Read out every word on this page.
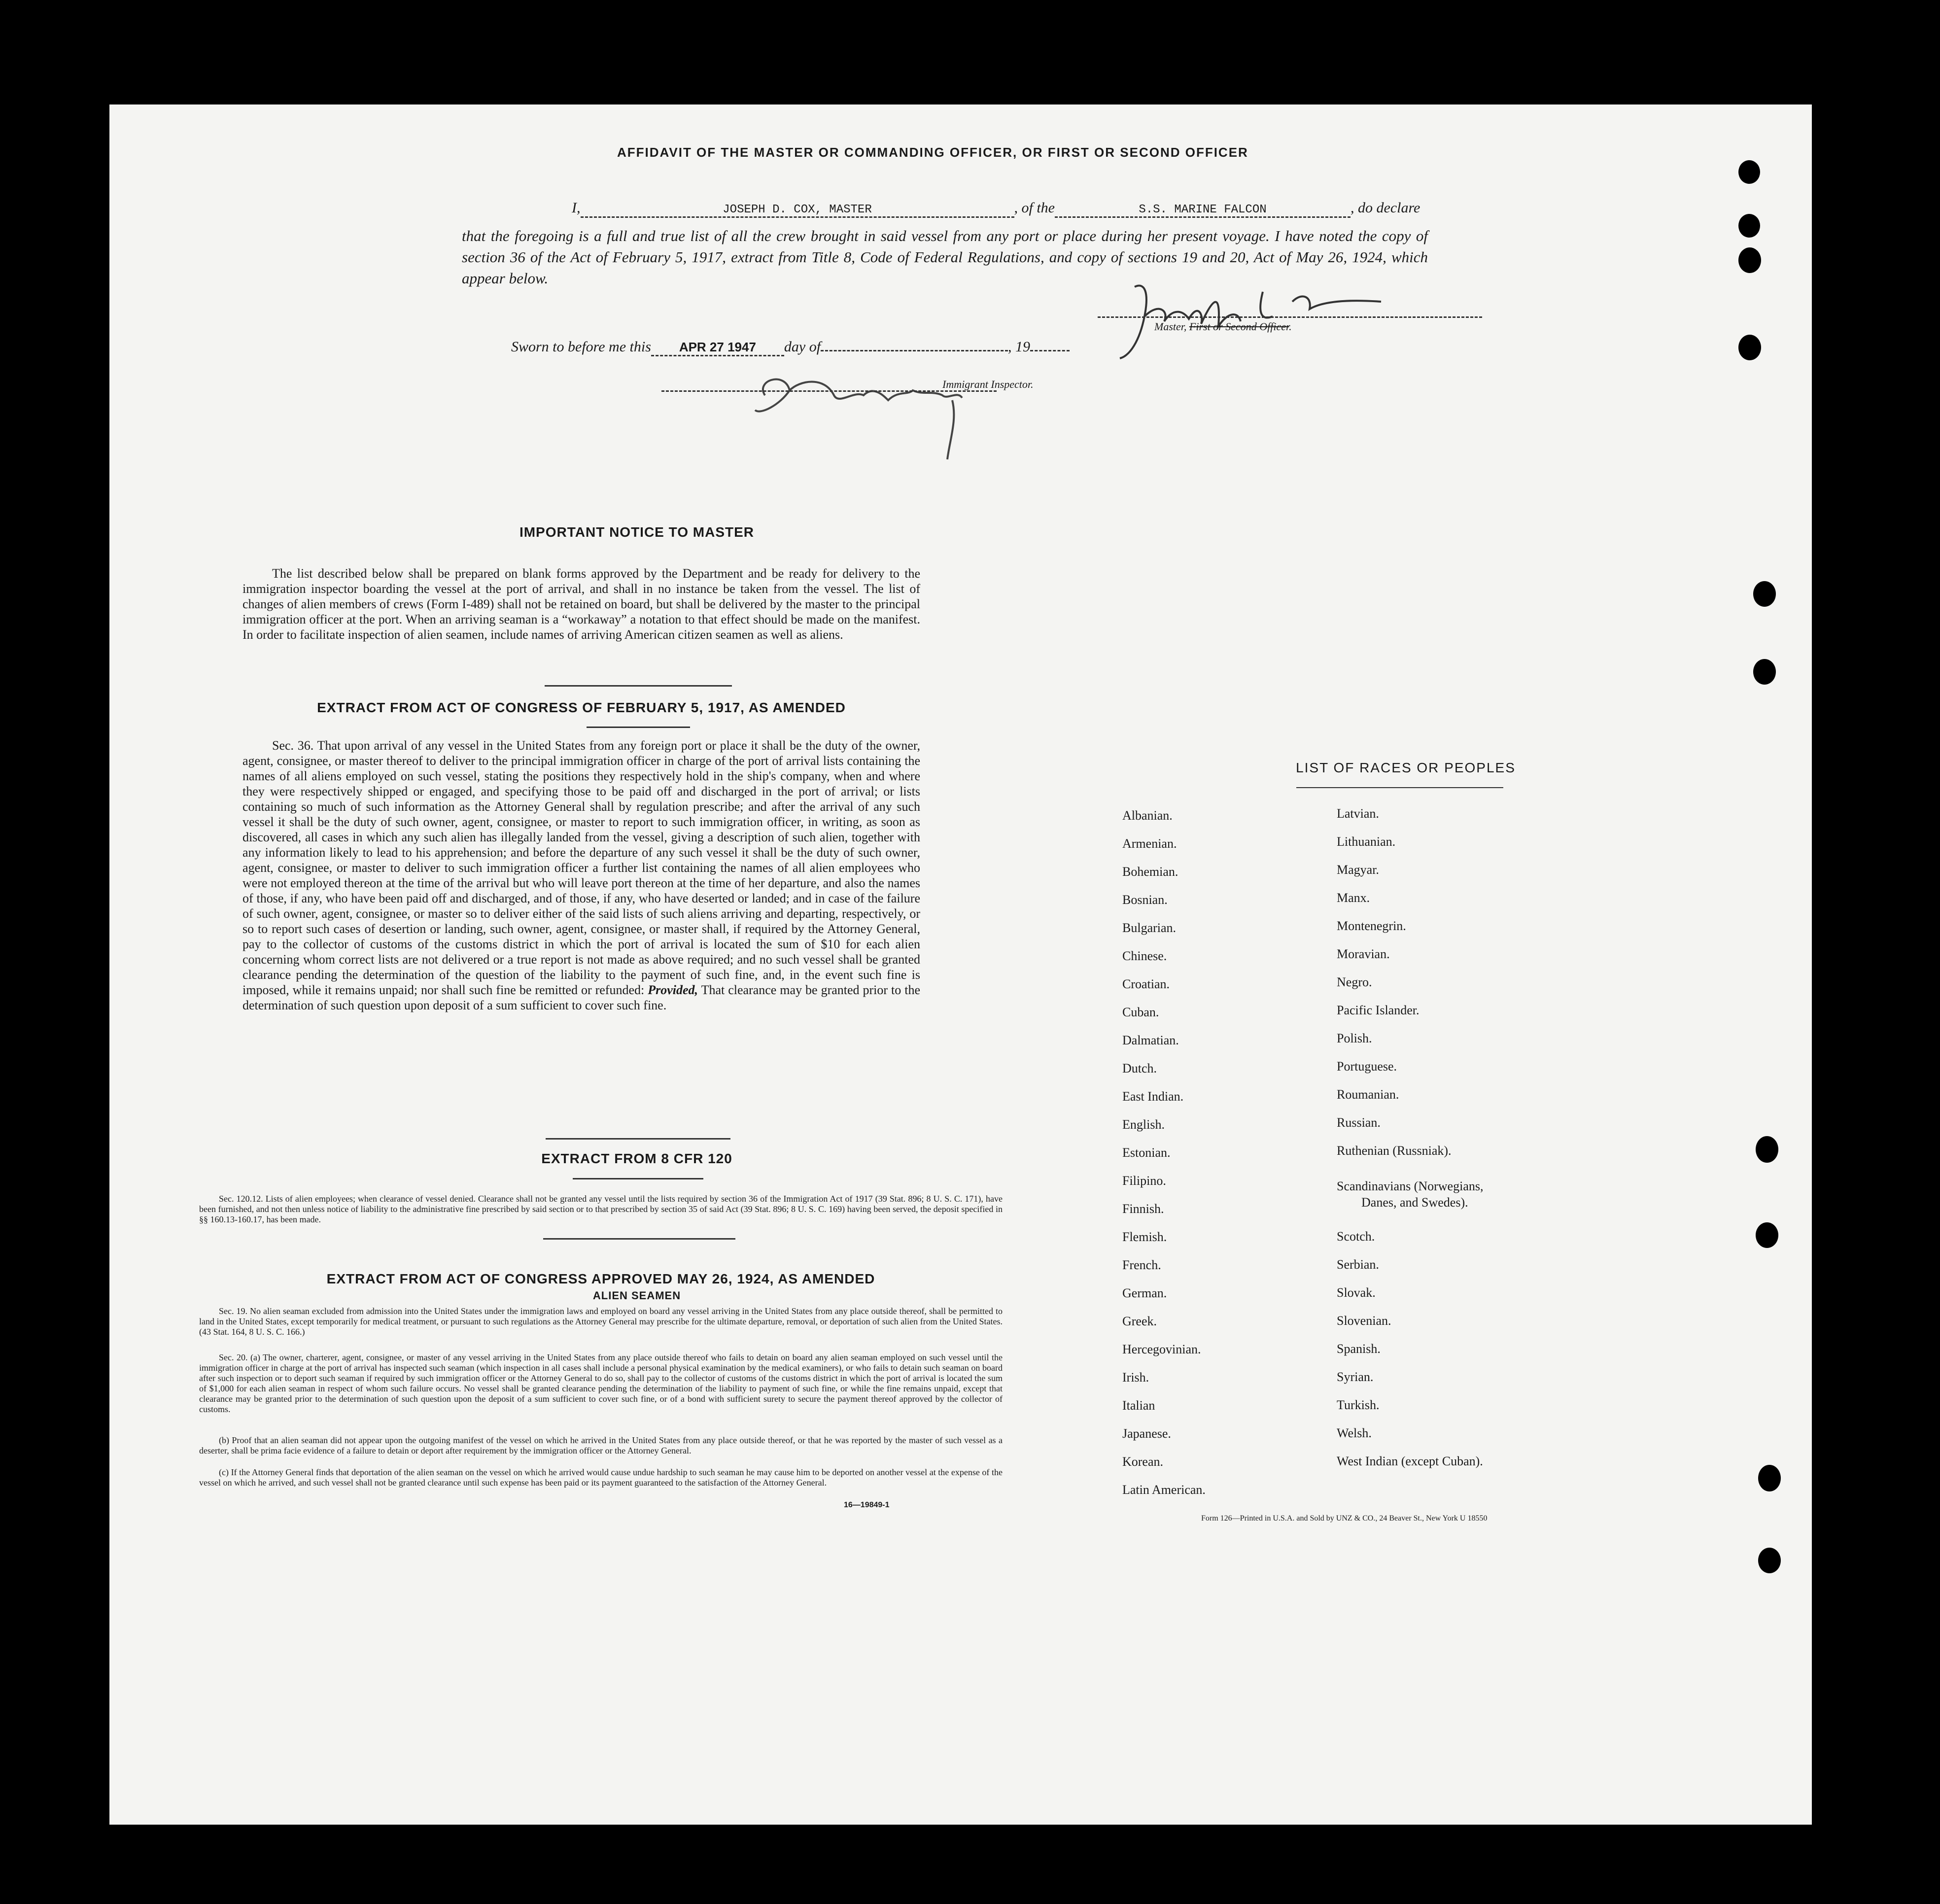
AFFIDAVIT OF THE MASTER OR COMMANDING OFFICER, OR FIRST OR SECOND OFFICER
I,	JOSEPH D. COX, MASTER	, of the	S.S. MARINE FALCON	, do declare
that the foregoing is a full and true list of all the crew brought in said vessel from any port or place during her present voyage. I have noted the copy of section 36 of the Act of February 5, 1917, extract from Title 8, Code of Federal Regulations, and copy of sections 19 and 20, Act of May 26, 1924, which appear below.
Master, First or Second Officer.
Sworn to before me this APR 27 1947 day of	, 19
Immigrant Inspector.
IMPORTANT NOTICE TO MASTER
The list described below shall be prepared on blank forms approved by the Department and be ready for delivery to the immigration inspector boarding the vessel at the port of arrival, and shall in no instance be taken from the vessel. The list of changes of alien members of crews (Form I-489) shall not be retained on board, but shall be delivered by the master to the principal immigration officer at the port. When an arriving seaman is a “workaway” a notation to that effect should be made on the manifest. In order to facilitate inspection of alien seamen, include names of arriving American citizen seamen as well as aliens.
EXTRACT FROM ACT OF CONGRESS OF FEBRUARY 5, 1917, AS AMENDED
Sec. 36. That upon arrival of any vessel in the United States from any foreign port or place it shall be the duty of the owner, agent, consignee, or master thereof to deliver to the principal immigration officer in charge of the port of arrival lists containing the names of all aliens employed on such vessel, stating the positions they respectively hold in the ship's company, when and where they were respectively shipped or engaged, and specifying those to be paid off and discharged in the port of arrival; or lists containing so much of such information as the Attorney General shall by regulation prescribe; and after the arrival of any such vessel it shall be the duty of such owner, agent, consignee, or master to report to such immigration officer, in writing, as soon as discovered, all cases in which any such alien has illegally landed from the vessel, giving a description of such alien, together with any information likely to lead to his apprehension; and before the departure of any such vessel it shall be the duty of such owner, agent, consignee, or master to deliver to such immigration officer a further list containing the names of all alien employees who were not employed thereon at the time of the arrival but who will leave port thereon at the time of her departure, and also the names of those, if any, who have been paid off and discharged, and of those, if any, who have deserted or landed; and in case of the failure of such owner, agent, consignee, or master so to deliver either of the said lists of such aliens arriving and departing, respectively, or so to report such cases of desertion or landing, such owner, agent, consignee, or master shall, if required by the Attorney General, pay to the collector of customs of the customs district in which the port of arrival is located the sum of $10 for each alien concerning whom correct lists are not delivered or a true report is not made as above required; and no such vessel shall be granted clearance pending the determination of the question of the liability to the payment of such fine, and, in the event such fine is imposed, while it remains unpaid; nor shall such fine be remitted or refunded: Provided, That clearance may be granted prior to the determination of such question upon deposit of a sum sufficient to cover such fine.
EXTRACT FROM 8 CFR 120
Sec. 120.12. Lists of alien employees; when clearance of vessel denied. Clearance shall not be granted any vessel until the lists required by section 36 of the Immigration Act of 1917 (39 Stat. 896; 8 U. S. C. 171), have been furnished, and not then unless notice of liability to the administrative fine prescribed by said section or to that prescribed by section 35 of said Act (39 Stat. 896; 8 U. S. C. 169) having been served, the deposit specified in §§ 160.13-160.17, has been made.
EXTRACT FROM ACT OF CONGRESS APPROVED MAY 26, 1924, AS AMENDED
ALIEN SEAMEN
Sec. 19. No alien seaman excluded from admission into the United States under the immigration laws and employed on board any vessel arriving in the United States from any place outside thereof, shall be permitted to land in the United States, except temporarily for medical treatment, or pursuant to such regulations as the Attorney General may prescribe for the ultimate departure, removal, or deportation of such alien from the United States. (43 Stat. 164, 8 U. S. C. 166.)
Sec. 20. (a) The owner, charterer, agent, consignee, or master of any vessel arriving in the United States from any place outside thereof who fails to detain on board any alien seaman employed on such vessel until the immigration officer in charge at the port of arrival has inspected such seaman (which inspection in all cases shall include a personal physical examination by the medical examiners), or who fails to detain such seaman on board after such inspection or to deport such seaman if required by such immigration officer or the Attorney General to do so, shall pay to the collector of customs of the customs district in which the port of arrival is located the sum of $1,000 for each alien seaman in respect of whom such failure occurs. No vessel shall be granted clearance pending the determination of the liability to payment of such fine, or while the fine remains unpaid, except that clearance may be granted prior to the determination of such question upon the deposit of a sum sufficient to cover such fine, or of a bond with sufficient surety to secure the payment thereof approved by the collector of customs.
(b) Proof that an alien seaman did not appear upon the outgoing manifest of the vessel on which he arrived in the United States from any place outside thereof, or that he was reported by the master of such vessel as a deserter, shall be prima facie evidence of a failure to detain or deport after requirement by the immigration officer or the Attorney General.
(c) If the Attorney General finds that deportation of the alien seaman on the vessel on which he arrived would cause undue hardship to such seaman he may cause him to be deported on another vessel at the expense of the vessel on which he arrived, and such vessel shall not be granted clearance until such expense has been paid or its payment guaranteed to the satisfaction of the Attorney General.
16—19849-1
LIST OF RACES OR PEOPLES
Albanian.
Armenian.
Bohemian.
Bosnian.
Bulgarian.
Chinese.
Croatian.
Cuban.
Dalmatian.
Dutch.
East Indian.
English.
Estonian.
Filipino.
Finnish.
Flemish.
French.
German.
Greek.
Hercegovinian.
Irish.
Italian
Japanese.
Korean.
Latin American.
Latvian.
Lithuanian.
Magyar.
Manx.
Montenegrin.
Moravian.
Negro.
Pacific Islander.
Polish.
Portuguese.
Roumanian.
Russian.
Ruthenian (Russniak).
Scandinavians (Norwegians,
Danes, and Swedes).
Scotch.
Serbian.
Slovak.
Slovenian.
Spanish.
Syrian.
Turkish.
Welsh.
West Indian (except Cuban).
Form 126—Printed in U.S.A. and Sold by UNZ & CO., 24 Beaver St., New York U 18550
